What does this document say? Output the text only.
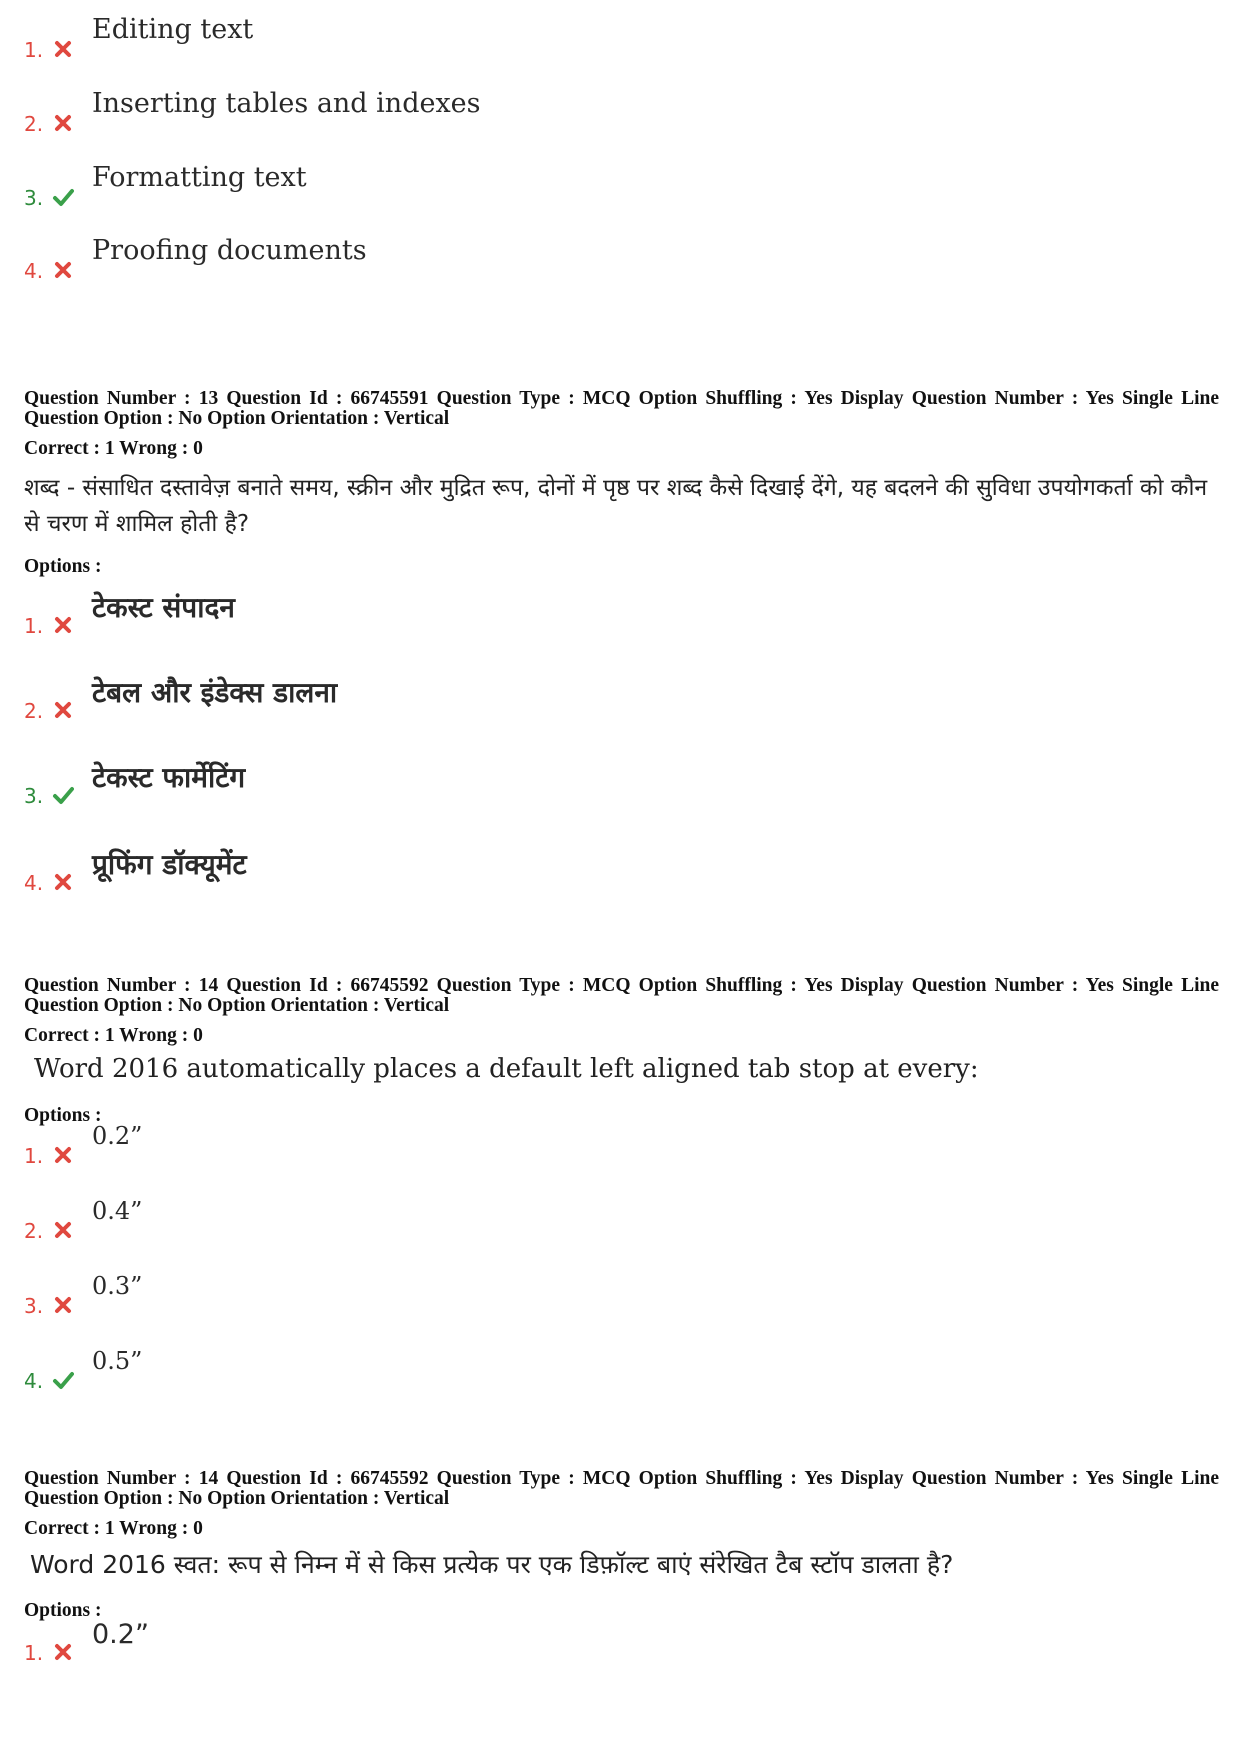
1.
Editing text
2.
Inserting tables and indexes
3.
Formatting text
4.
Proofing documents
Question Number : 13 Question Id : 66745591 Question Type : MCQ Option Shuffling : Yes Display Question Number : Yes Single Line Question Option : No Option Orientation : Vertical
Correct : 1 Wrong : 0
शब्द - संसाधित दस्तावेज़ बनाते समय, स्क्रीन और मुद्रित रूप, दोनों में पृष्ठ पर शब्द कैसे दिखाई देंगे, यह बदलने की सुविधा उपयोगकर्ता को कौन से चरण में शामिल होती है?
Options :
1.
टेकस्ट संपादन
2.
टेबल और इंडेक्स डालना
3.
टेकस्ट फार्मेटिंग
4.
प्रूफिंग डॉक्यूमेंट
Question Number : 14 Question Id : 66745592 Question Type : MCQ Option Shuffling : Yes Display Question Number : Yes Single Line Question Option : No Option Orientation : Vertical
Correct : 1 Wrong : 0
Word 2016 automatically places a default left aligned tab stop at every:
Options :
1.
0.2”
2.
0.4”
3.
0.3”
4.
0.5”
Question Number : 14 Question Id : 66745592 Question Type : MCQ Option Shuffling : Yes Display Question Number : Yes Single Line Question Option : No Option Orientation : Vertical
Correct : 1 Wrong : 0
Word 2016 स्वत: रूप से निम्न में से किस प्रत्येक पर एक डिफ़ॉल्ट बाएं संरेखित टैब स्टॉप डालता है?
Options :
1.
0.2”
